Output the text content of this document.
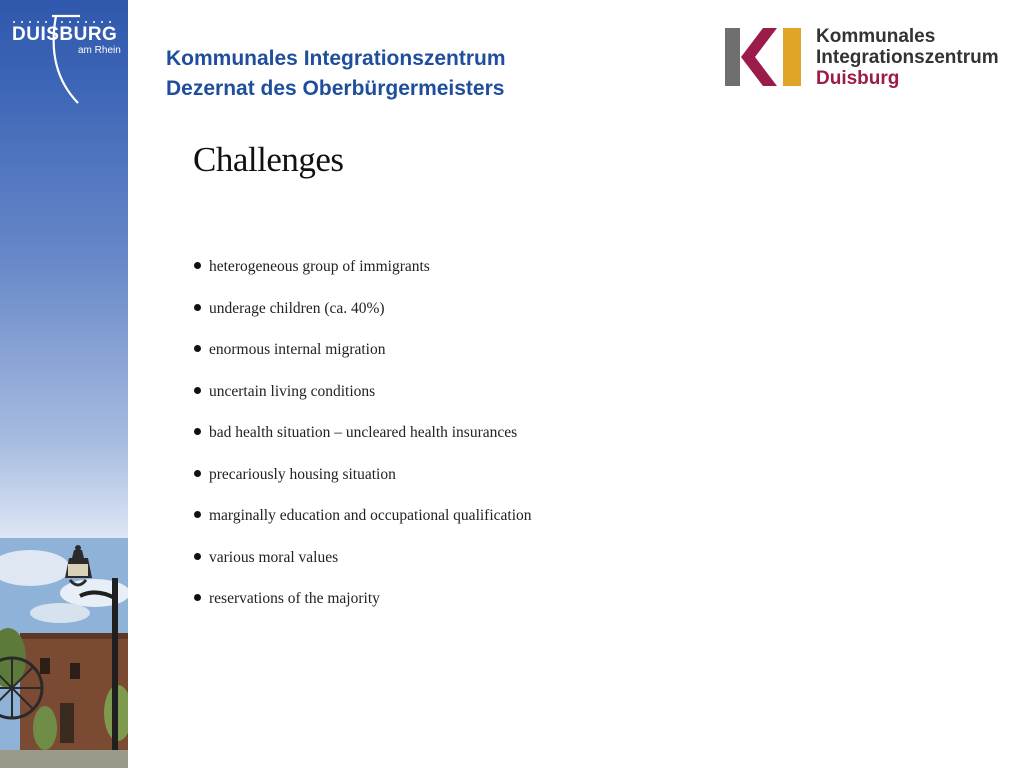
DUISBURG
am Rhein Kommunales Integrationszentrum
Dezernat des Oberbürgermeisters
Kommunales
Integrationszentrum
Duisburg
Challenges
heterogeneous group of immigrants
underage children (ca. 40%)
enormous internal migration
uncertain living conditions
bad health situation – uncleared health insurances
precariously housing situation
marginally education and occupational qualification
various moral values
reservations of the majority
